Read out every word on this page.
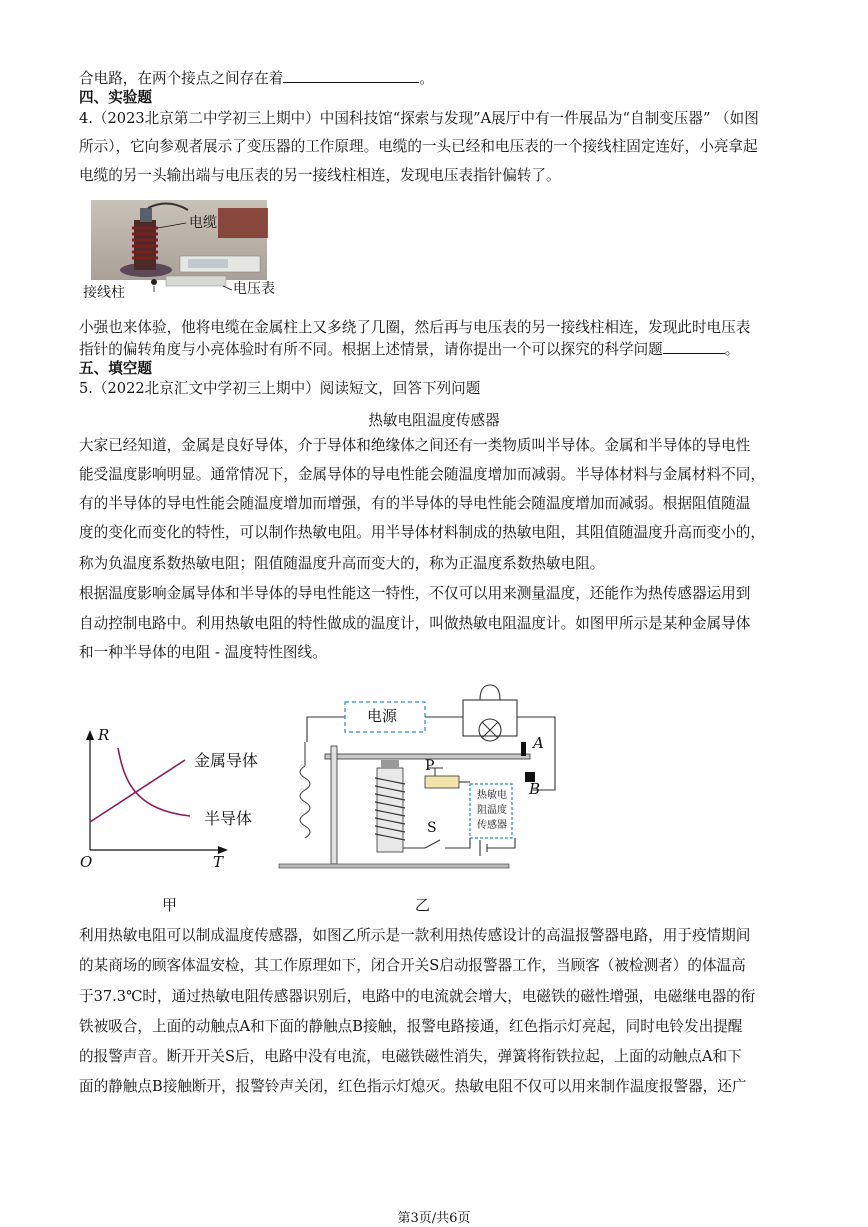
合电路，在两个接点之间存在着	。
四、实验题
4.（2023北京第二中学初三上期中）中国科技馆“探索与发现”A展厅中有一件展品为“自制变压器” （如图
所示），它向参观者展示了变压器的工作原理。电缆的一头已经和电压表的一个接线柱固定连好，小亮拿起
电缆的另一头输出端与电压表的另一接线柱相连，发现电压表指针偏转了。
电缆
接线柱	电压表
小强也来体验，他将电缆在金属柱上又多绕了几圈，然后再与电压表的另一接线柱相连，发现此时电压表
指针的偏转角度与小亮体验时有所不同。根据上述情景，请你提出一个可以探究的科学问题	。
五、填空题
5.（2022北京汇文中学初三上期中）阅读短文，回答下列问题
热敏电阻温度传感器
大家已经知道，金属是良好导体，介于导体和绝缘体之间还有一类物质叫半导体。金属和半导体的导电性
能受温度影响明显。通常情况下，金属导体的导电性能会随温度增加而减弱。半导体材料与金属材料不同，
有的半导体的导电性能会随温度增加而增强，有的半导体的导电性能会随温度增加而减弱。根据阻值随温
度的变化而变化的特性，可以制作热敏电阻。用半导体材料制成的热敏电阻，其阻值随温度升高而变小的，
称为负温度系数热敏电阻；阻值随温度升高而变大的，称为正温度系数热敏电阻。
根据温度影响金属导体和半导体的导电性能这一特性，不仅可以用来测量温度，还能作为热传感器运用到
自动控制电路中。利用热敏电阻的特性做成的温度计，叫做热敏电阻温度计。如图甲所示是某种金属导体
和一种半导体的电阻 - 温度特性图线。
R
T
O
金属导体
半导体
甲
电源
A
B
P
S
热敏电
阻温度
传感器
乙
利用热敏电阻可以制成温度传感器，如图乙所示是一款利用热传感设计的高温报警器电路，用于疫情期间
的某商场的顾客体温安检，其工作原理如下，闭合开关S启动报警器工作，当顾客（被检测者）的体温高
于37.3℃时，通过热敏电阻传感器识别后，电路中的电流就会增大，电磁铁的磁性增强，电磁继电器的衔
铁被吸合，上面的动触点A和下面的静触点B接触，报警电路接通，红色指示灯亮起，同时电铃发出提醒
的报警声音。断开开关S后，电路中没有电流，电磁铁磁性消失，弹簧将衔铁拉起，上面的动触点A和下
面的静触点B接触断开，报警铃声关闭，红色指示灯熄灭。热敏电阻不仅可以用来制作温度报警器，还广
第3页/共6页
